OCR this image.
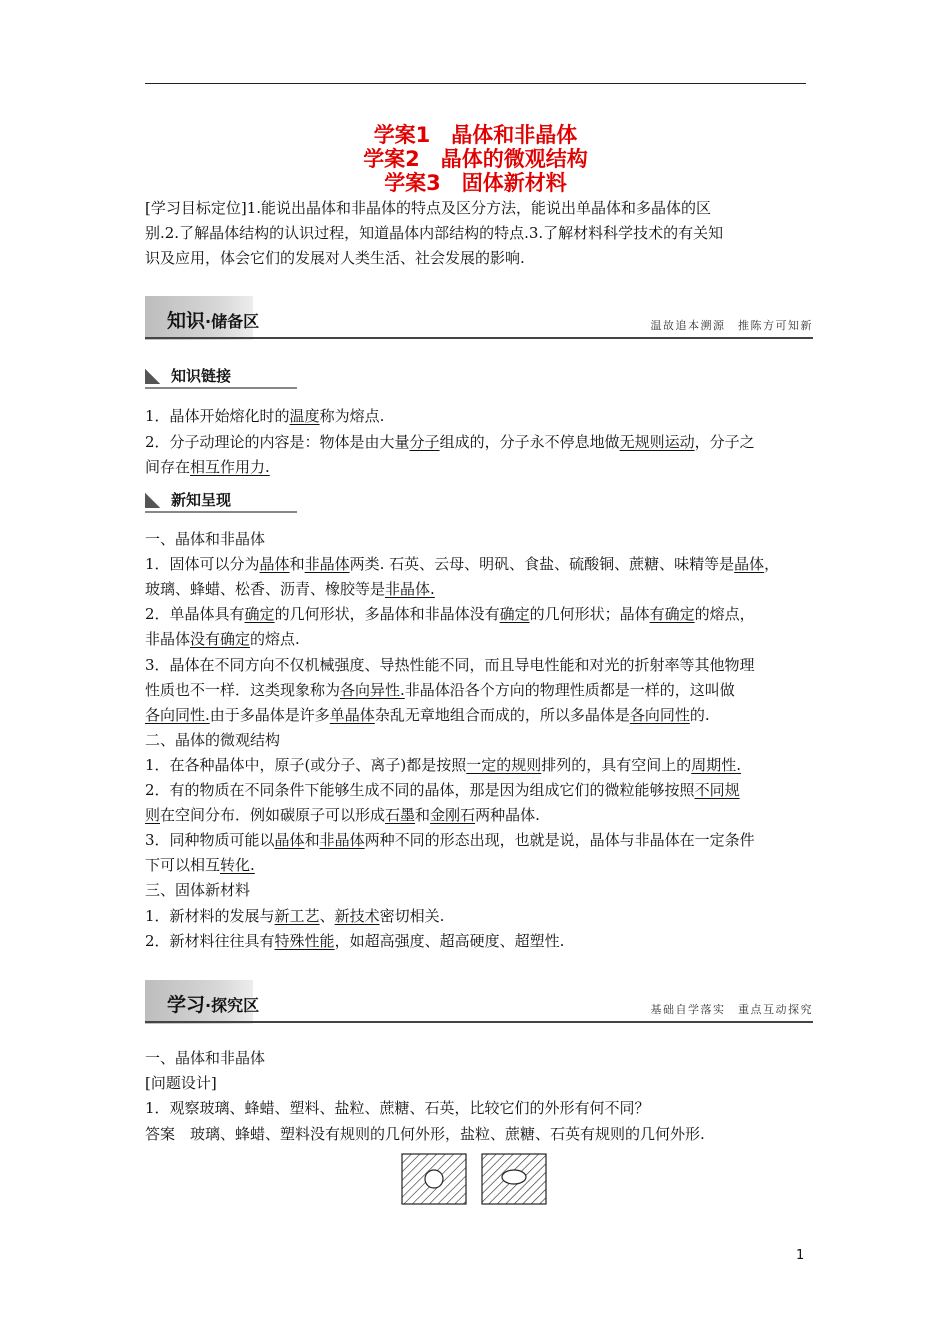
学案1　晶体和非晶体
学案2　晶体的微观结构
学案3　固体新材料
[学习目标定位]1.能说出晶体和非晶体的特点及区分方法，能说出单晶体和多晶体的区
别.2.了解晶体结构的认识过程，知道晶体内部结构的特点.3.了解材料科学技术的有关知
识及应用，体会它们的发展对人类生活、社会发展的影响.
知识·储备区	温故追本溯源　推陈方可知新
知识链接
1．晶体开始熔化时的温度称为熔点.
2．分子动理论的内容是：物体是由大量分子组成的，分子永不停息地做无规则运动，分子之
间存在相互作用力.
新知呈现
一、晶体和非晶体
1．固体可以分为晶体和非晶体两类. 石英、云母、明矾、食盐、硫酸铜、蔗糖、味精等是晶体，
玻璃、蜂蜡、松香、沥青、橡胶等是非晶体.
2．单晶体具有确定的几何形状，多晶体和非晶体没有确定的几何形状；晶体有确定的熔点，
非晶体没有确定的熔点.
3．晶体在不同方向不仅机械强度、导热性能不同，而且导电性能和对光的折射率等其他物理
性质也不一样．这类现象称为各向异性.非晶体沿各个方向的物理性质都是一样的，这叫做
各向同性.由于多晶体是许多单晶体杂乱无章地组合而成的，所以多晶体是各向同性的.
二、晶体的微观结构
1．在各种晶体中，原子(或分子、离子)都是按照一定的规则排列的，具有空间上的周期性.
2．有的物质在不同条件下能够生成不同的晶体，那是因为组成它们的微粒能够按照不同规
则在空间分布．例如碳原子可以形成石墨和金刚石两种晶体.
3．同种物质可能以晶体和非晶体两种不同的形态出现，也就是说，晶体与非晶体在一定条件
下可以相互转化.
三、固体新材料
1．新材料的发展与新工艺、新技术密切相关.
2．新材料往往具有特殊性能，如超高强度、超高硬度、超塑性.
学习·探究区	基础自学落实　重点互动探究
一、晶体和非晶体
[问题设计]
1．观察玻璃、蜂蜡、塑料、盐粒、蔗糖、石英，比较它们的外形有何不同？
答案　玻璃、蜂蜡、塑料没有规则的几何外形，盐粒、蔗糖、石英有规则的几何外形.
1
